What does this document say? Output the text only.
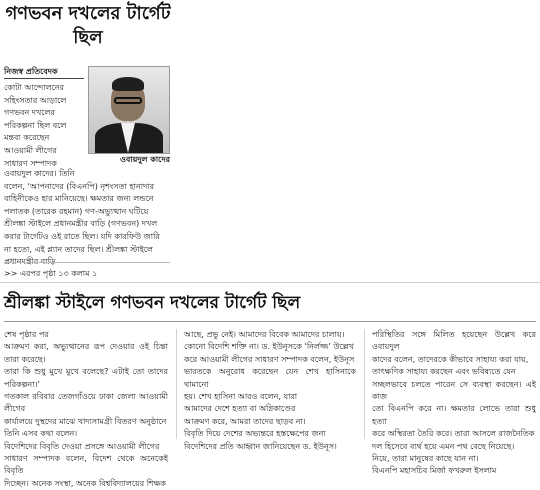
গণভবন দখলের টার্গেট ছিল
নিজস্ব প্রতিবেদক
কোটা আন্দোলনের
সহিংসতার আড়ালে
গণভবন দখলের
পরিকল্পনা ছিল বলে
মন্তব্য করেছেন
আওয়ামী লীগের
সাধারণ সম্পাদক	ওবায়দুল কাদের
ওবায়দুল কাদের। তিনি
বলেন, ‘আপনাদের (বিএনপি) নৃশংসতা হানাদার
বাহিনীকেও হার মানিয়েছে। ক্ষমতার জন্য লন্ডনে
পলাতক (তারেক রহমান) গণ-অভ্যুত্থান ঘটিয়ে
শ্রীলঙ্কা স্টাইলে প্রধানমন্ত্রীর বাড়ি (গণভবন) দখল
করার টার্গেটও ওই রাতে ছিল। যদি কারফিউ জারি
না হতো, এই প্ল্যান তাদের ছিল। শ্রীলঙ্কা স্টাইলে
>> এরপর পৃষ্ঠা ১৩ কলাম ১
শ্রীলঙ্কা স্টাইলে গণভবন দখলের টার্গেট ছিল
শেষ পৃষ্ঠার পর
আক্রমণ করা, অভ্যুত্থানের রূপ দেওয়ার ওই চিন্তা তারা করেছে।
তারা কি শুধু মুখে মুখে বলেছে? এটাই তো তাদের পরিকল্পনা।’
গতকাল রবিবার তেজগাঁওয়ে ঢাকা জেলা আওয়ামী লীগের
কার্যালয়ে দুস্থদের মাঝে খাদ্যসামগ্রী বিতরণ অনুষ্ঠানে
তিনি এসব কথা বলেন।
বিদেশিদের বিবৃতি দেওয়া প্রসঙ্গে আওয়ামী লীগের
সাধারণ সম্পাদক বলেন, বিদেশ থেকে অনেকেই বিবৃতি
দিচ্ছেন। অনেক সংস্থা, অনেক বিশ্ববিদ্যালয়ের শিক্ষক
আছে, প্রভু নেই। আমাদের বিবেক আমাদের চালায়।
কোনো বিদেশি শক্তি না। ড. ইউনূসকে ‘নির্লজ্জ’ উল্লেখ
করে আওয়ামী লীগের সাধারণ সম্পাদক বলেন, ইউনূস
ভারতকে অনুরোধ করেছেন যেন শেখ হাসিনাকে থামানো
হয়। শেখ হাসিনা আরও বলেন, যারা
আমাদের দেশে হত্যা বা অগ্নিকাণ্ডের
আক্রমণ করে, আমরা তাদের ছাড়ব না।
বিবৃতি দিয়ে দেশের অভ্যন্তরে হস্তক্ষেপের জন্য
বিদেশিদের প্রতি আহ্বান জানিয়েছেন ড. ইউনূস।
পরিস্থিতির সঙ্গে মিলিত হয়েছেন উল্লেখ করে ওবায়দুল
কাদের বলেন, তাদেরকে কীভাবে সাহায্য করা যায়,
তাৎক্ষণিক সাহায্য করছেন এবং ভবিষ্যতে যেন
সচ্ছলভাবে চলতে পারেন সে ব্যবস্থা করছেন। এই কাজ
তো বিএনপি করে না। ক্ষমতার লোভে তারা শুধু হত্যা
করে অস্থিরতা তৈরি করে। তারা আসলে রাজনৈতিক
দল হিসেবে ব্যর্থ হয়ে এমন পথ বেছে নিয়েছে।
নিয়ে, তারা মানুষের কাছে যান না।
বিএনপি মহাসচিব মির্জা ফখরুল ইসলাম
